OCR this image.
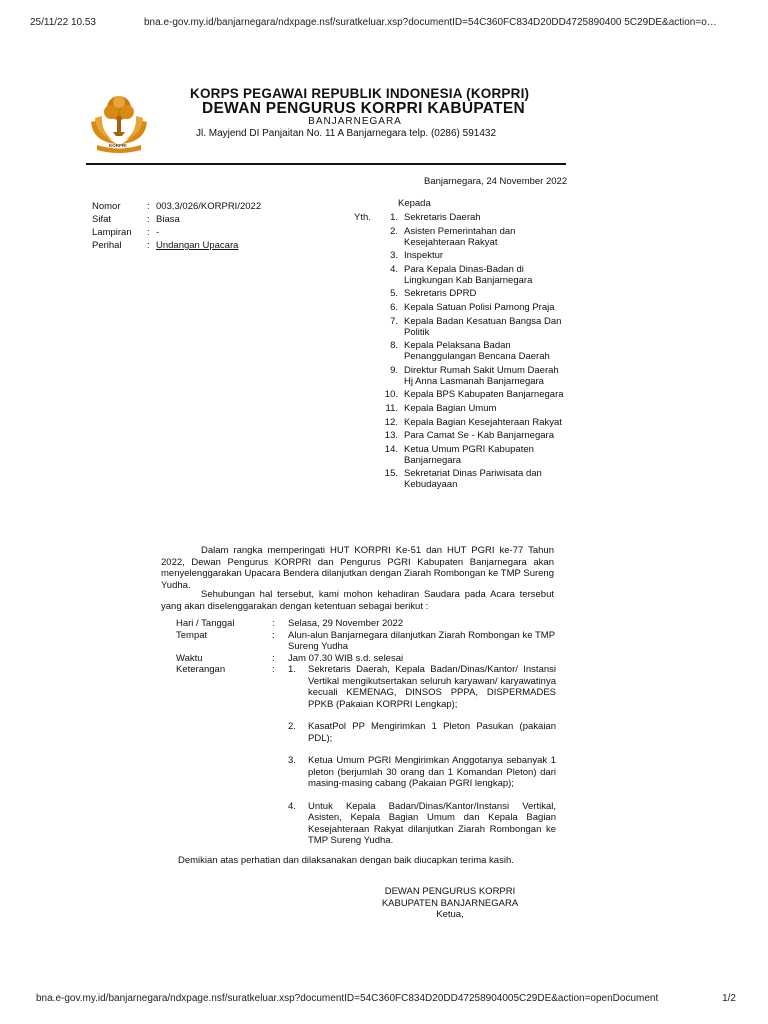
25/11/22 10.53	bna.e-gov.my.id/banjarnegara/ndxpage.nsf/suratkeluar.xsp?documentID=54C360FC834D20DD4725890400 5C29DE&action=o…
KORPRI
KORPS PEGAWAI REPUBLIK INDONESIA (KORPRI)
DEWAN PENGURUS KORPRI KABUPATEN
BANJARNEGARA
Jl. Mayjend DI Panjaitan No. 11 A Banjarnegara telp. (0286) 591432
Banjarnegara, 24 November 2022
Nomor	: 003.3/026/KORPRI/2022
Sifat	: Biasa
Lampiran	: -
Perihal	: Undangan Upacara
Kepada
Yth.	1. Sekretaris Daerah
2. Asisten Pemerintahan dan Kesejahteraan Rakyat
3. Inspektur
4. Para Kepala Dinas-Badan di Lingkungan Kab Banjarnegara
5. Sekretaris DPRD
6. Kepala Satuan Polisi Pamong Praja
7. Kepala Badan Kesatuan Bangsa Dan Politik
8. Kepala Pelaksana Badan Penanggulangan Bencana Daerah
9. Direktur Rumah Sakit Umum Daerah Hj Anna Lasmanah Banjarnegara
10. Kepala BPS Kabupaten Banjarnegara
11. Kepala Bagian Umum
12. Kepala Bagian Kesejahteraan Rakyat
13. Para Camat Se - Kab Banjarnegara
14. Ketua Umum PGRI Kabupaten Banjarnegara
15. Sekretariat Dinas Pariwisata dan Kebudayaan
Dalam rangka memperingati HUT KORPRI Ke-51 dan HUT PGRI ke-77 Tahun 2022, Dewan Pengurus KORPRI dan Pengurus PGRI Kabupaten Banjarnegara akan menyelenggarakan Upacara Bendera dilanjutkan dengan Ziarah Rombongan ke TMP Sureng Yudha.
Sehubungan hal tersebut, kami mohon kehadiran Saudara pada Acara tersebut yang akan diselenggarakan dengan ketentuan sebagai berikut :
Hari / Tanggal	:	Selasa, 29 November 2022
Tempat	:	Alun-alun Banjarnegara dilanjutkan Ziarah Rombongan ke TMP Sureng Yudha
Waktu	:	Jam 07.30 WIB s.d. selesai
Keterangan	:	1.	Sekretaris Daerah, Kepala Badan/Dinas/Kantor/ Instansi Vertikal mengikutsertakan seluruh karyawan/ karyawatinya kecuali KEMENAG, DINSOS PPPA, DISPERMADES PPKB (Pakaian KORPRI Lengkap);
2.	KasatPol PP Mengirimkan 1 Pleton Pasukan (pakaian PDL);
3.	Ketua Umum PGRI Mengirimkan Anggotanya sebanyak 1 pleton (berjumlah 30 orang dan 1 Komandan Pleton) dari masing-masing cabang (Pakaian PGRI lengkap);
4.	Untuk Kepala Badan/Dinas/Kantor/Instansi Vertikal, Asisten, Kepala Bagian Umum dan Kepala Bagian Kesejahteraan Rakyat dilanjutkan Ziarah Rombongan ke TMP Sureng Yudha.
Demikian atas perhatian dan dilaksanakan dengan baik diucapkan terima kasih.
DEWAN PENGURUS KORPRI
KABUPATEN BANJARNEGARA
Ketua,
bna.e-gov.my.id/banjarnegara/ndxpage.nsf/suratkeluar.xsp?documentID=54C360FC834D20DD47258904005C29DE&action=openDocument	1/2
